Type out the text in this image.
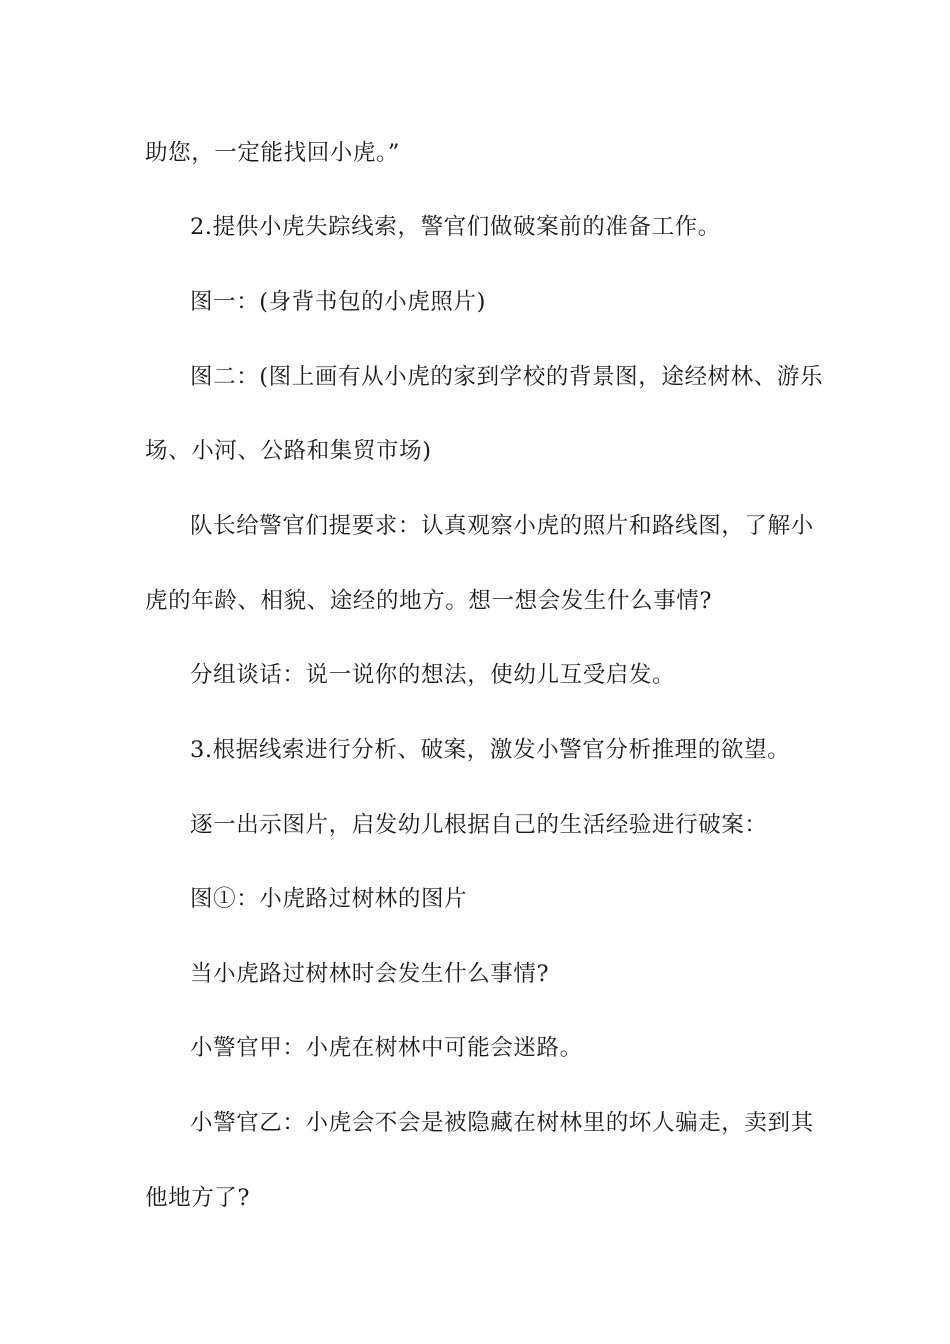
助您，一定能找回小虎。”
2.提供小虎失踪线索，警官们做破案前的准备工作。
图一：(身背书包的小虎照片)
图二：(图上画有从小虎的家到学校的背景图，途经树林、游乐
场、小河、公路和集贸市场)
队长给警官们提要求：认真观察小虎的照片和路线图，了解小
虎的年龄、相貌、途经的地方。想一想会发生什么事情?
分组谈话：说一说你的想法，使幼儿互受启发。
3.根据线索进行分析、破案，激发小警官分析推理的欲望。
逐一出示图片，启发幼儿根据自己的生活经验进行破案：
图①：小虎路过树林的图片
当小虎路过树林时会发生什么事情?
小警官甲：小虎在树林中可能会迷路。
小警官乙：小虎会不会是被隐藏在树林里的坏人骗走，卖到其
他地方了?
